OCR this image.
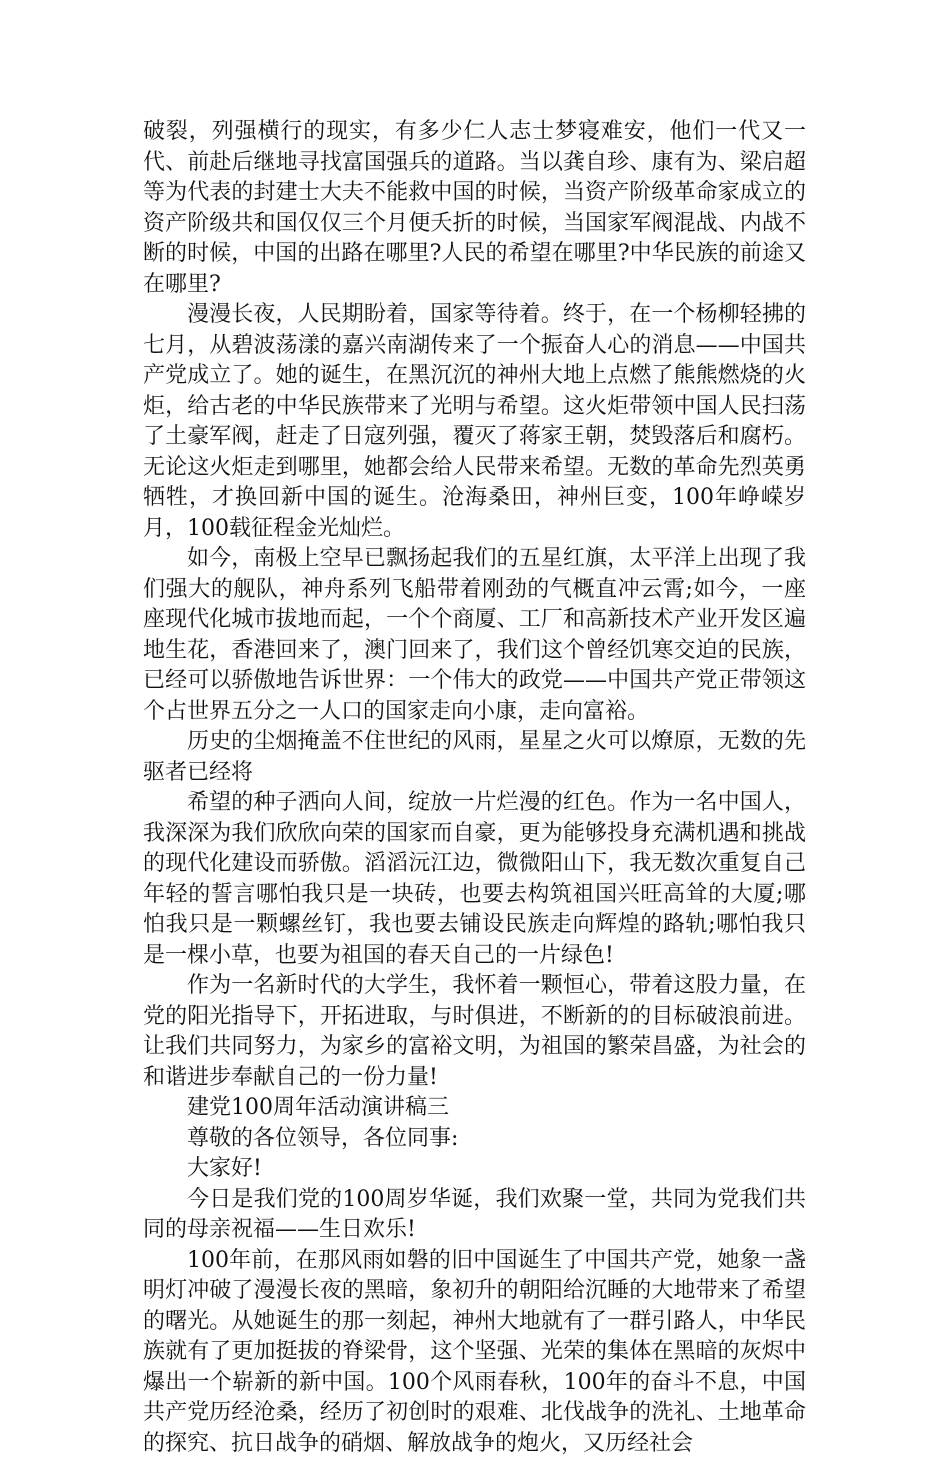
破裂，列强横行的现实，有多少仁人志士梦寝难安，他们一代又一代、前赴后继地寻找富国强兵的道路。当以龚自珍、康有为、梁启超等为代表的封建士大夫不能救中国的时候，当资产阶级革命家成立的资产阶级共和国仅仅三个月便夭折的时候，当国家军阀混战、内战不断的时候，中国的出路在哪里?人民的希望在哪里?中华民族的前途又在哪里?

漫漫长夜，人民期盼着，国家等待着。终于，在一个杨柳轻拂的七月，从碧波荡漾的嘉兴南湖传来了一个振奋人心的消息——中国共产党成立了。她的诞生，在黑沉沉的神州大地上点燃了熊熊燃烧的火炬，给古老的中华民族带来了光明与希望。这火炬带领中国人民扫荡了土豪军阀，赶走了日寇列强，覆灭了蒋家王朝，焚毁落后和腐朽。无论这火炬走到哪里，她都会给人民带来希望。无数的革命先烈英勇牺牲，才换回新中国的诞生。沧海桑田，神州巨变，100年峥嵘岁月，100载征程金光灿烂。

如今，南极上空早已飘扬起我们的五星红旗，太平洋上出现了我们强大的舰队，神舟系列飞船带着刚劲的气概直冲云霄;如今，一座座现代化城市拔地而起，一个个商厦、工厂和高新技术产业开发区遍地生花，香港回来了，澳门回来了，我们这个曾经饥寒交迫的民族，已经可以骄傲地告诉世界：一个伟大的政党——中国共产党正带领这个占世界五分之一人口的国家走向小康，走向富裕。

历史的尘烟掩盖不住世纪的风雨，星星之火可以燎原，无数的先驱者已经将

希望的种子洒向人间，绽放一片烂漫的红色。作为一名中国人，我深深为我们欣欣向荣的国家而自豪，更为能够投身充满机遇和挑战的现代化建设而骄傲。滔滔沅江边，微微阳山下，我无数次重复自己年轻的誓言哪怕我只是一块砖，也要去构筑祖国兴旺高耸的大厦;哪怕我只是一颗螺丝钉，我也要去铺设民族走向辉煌的路轨;哪怕我只是一棵小草，也要为祖国的春天自己的一片绿色!

作为一名新时代的大学生，我怀着一颗恒心，带着这股力量，在党的阳光指导下，开拓进取，与时俱进，不断新的的目标破浪前进。让我们共同努力，为家乡的富裕文明，为祖国的繁荣昌盛，为社会的和谐进步奉献自己的一份力量!

建党100周年活动演讲稿三

尊敬的各位领导，各位同事:

大家好!

今日是我们党的100周岁华诞，我们欢聚一堂，共同为党我们共同的母亲祝福——生日欢乐!

100年前，在那风雨如磐的旧中国诞生了中国共产党，她象一盏明灯冲破了漫漫长夜的黑暗，象初升的朝阳给沉睡的大地带来了希望的曙光。从她诞生的那一刻起，神州大地就有了一群引路人，中华民族就有了更加挺拔的脊梁骨，这个坚强、光荣的集体在黑暗的灰烬中爆出一个崭新的新中国。100个风雨春秋，100年的奋斗不息，中国共产党历经沧桑，经历了初创时的艰难、北伐战争的洗礼、土地革命的探究、抗日战争的硝烟、解放战争的炮火，又历经社会
